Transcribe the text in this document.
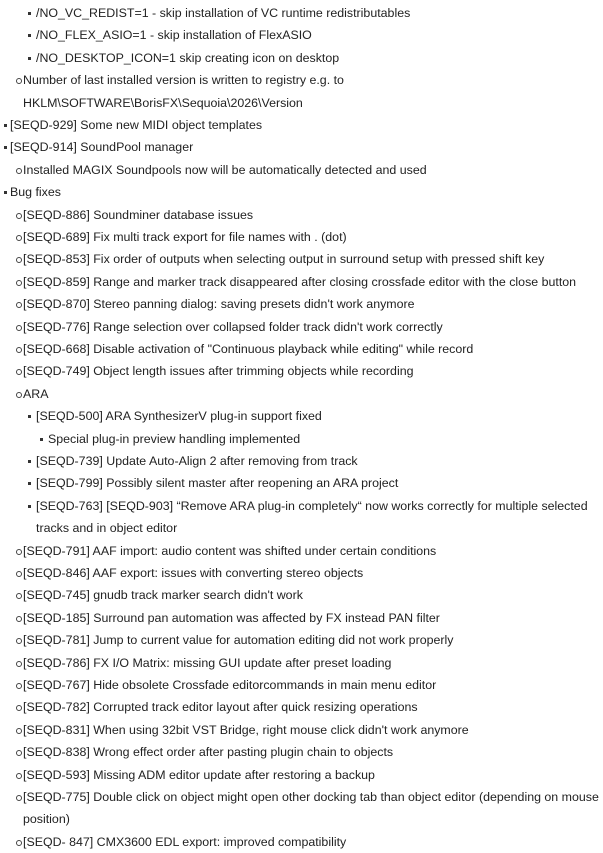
/NO_VC_REDIST=1 - skip installation of VC runtime redistributables
/NO_FLEX_ASIO=1 - skip installation of FlexASIO
/NO_DESKTOP_ICON=1 skip creating icon on desktop
Number of last installed version is written to registry e.g. to
HKLM\SOFTWARE\BorisFX\Sequoia\2026\Version
[SEQD-929] Some new MIDI object templates
[SEQD-914] SoundPool manager
Installed MAGIX Soundpools now will be automatically detected and used
Bug fixes
[SEQD-886] Soundminer database issues
[SEQD-689] Fix multi track export for file names with . (dot)
[SEQD-853] Fix order of outputs when selecting output in surround setup with pressed shift key
[SEQD-859] Range and marker track disappeared after closing crossfade editor with the close button
[SEQD-870] Stereo panning dialog: saving presets didn't work anymore
[SEQD-776] Range selection over collapsed folder track didn't work correctly
[SEQD-668] Disable activation of "Continuous playback while editing" while record
[SEQD-749] Object length issues after trimming objects while recording
ARA
[SEQD-500] ARA SynthesizerV plug-in support fixed
Special plug-in preview handling implemented
[SEQD-739] Update Auto-Align 2 after removing from track
[SEQD-799] Possibly silent master after reopening an ARA project
[SEQD-763] [SEQD-903] “Remove ARA plug-in completely“ now works correctly for multiple selected
tracks and in object editor
[SEQD-791] AAF import: audio content was shifted under certain conditions
[SEQD-846] AAF export: issues with converting stereo objects
[SEQD-745] gnudb track marker search didn't work
[SEQD-185] Surround pan automation was affected by FX instead PAN filter
[SEQD-781] Jump to current value for automation editing did not work properly
[SEQD-786] FX I/O Matrix: missing GUI update after preset loading
[SEQD-767] Hide obsolete Crossfade editorcommands in main menu editor
[SEQD-782] Corrupted track editor layout after quick resizing operations
[SEQD-831] When using 32bit VST Bridge, right mouse click didn't work anymore
[SEQD-838] Wrong effect order after pasting plugin chain to objects
[SEQD-593] Missing ADM editor update after restoring a backup
[SEQD-775] Double click on object might open other docking tab than object editor (depending on mouse
position)
[SEQD- 847] CMX3600 EDL export: improved compatibility
